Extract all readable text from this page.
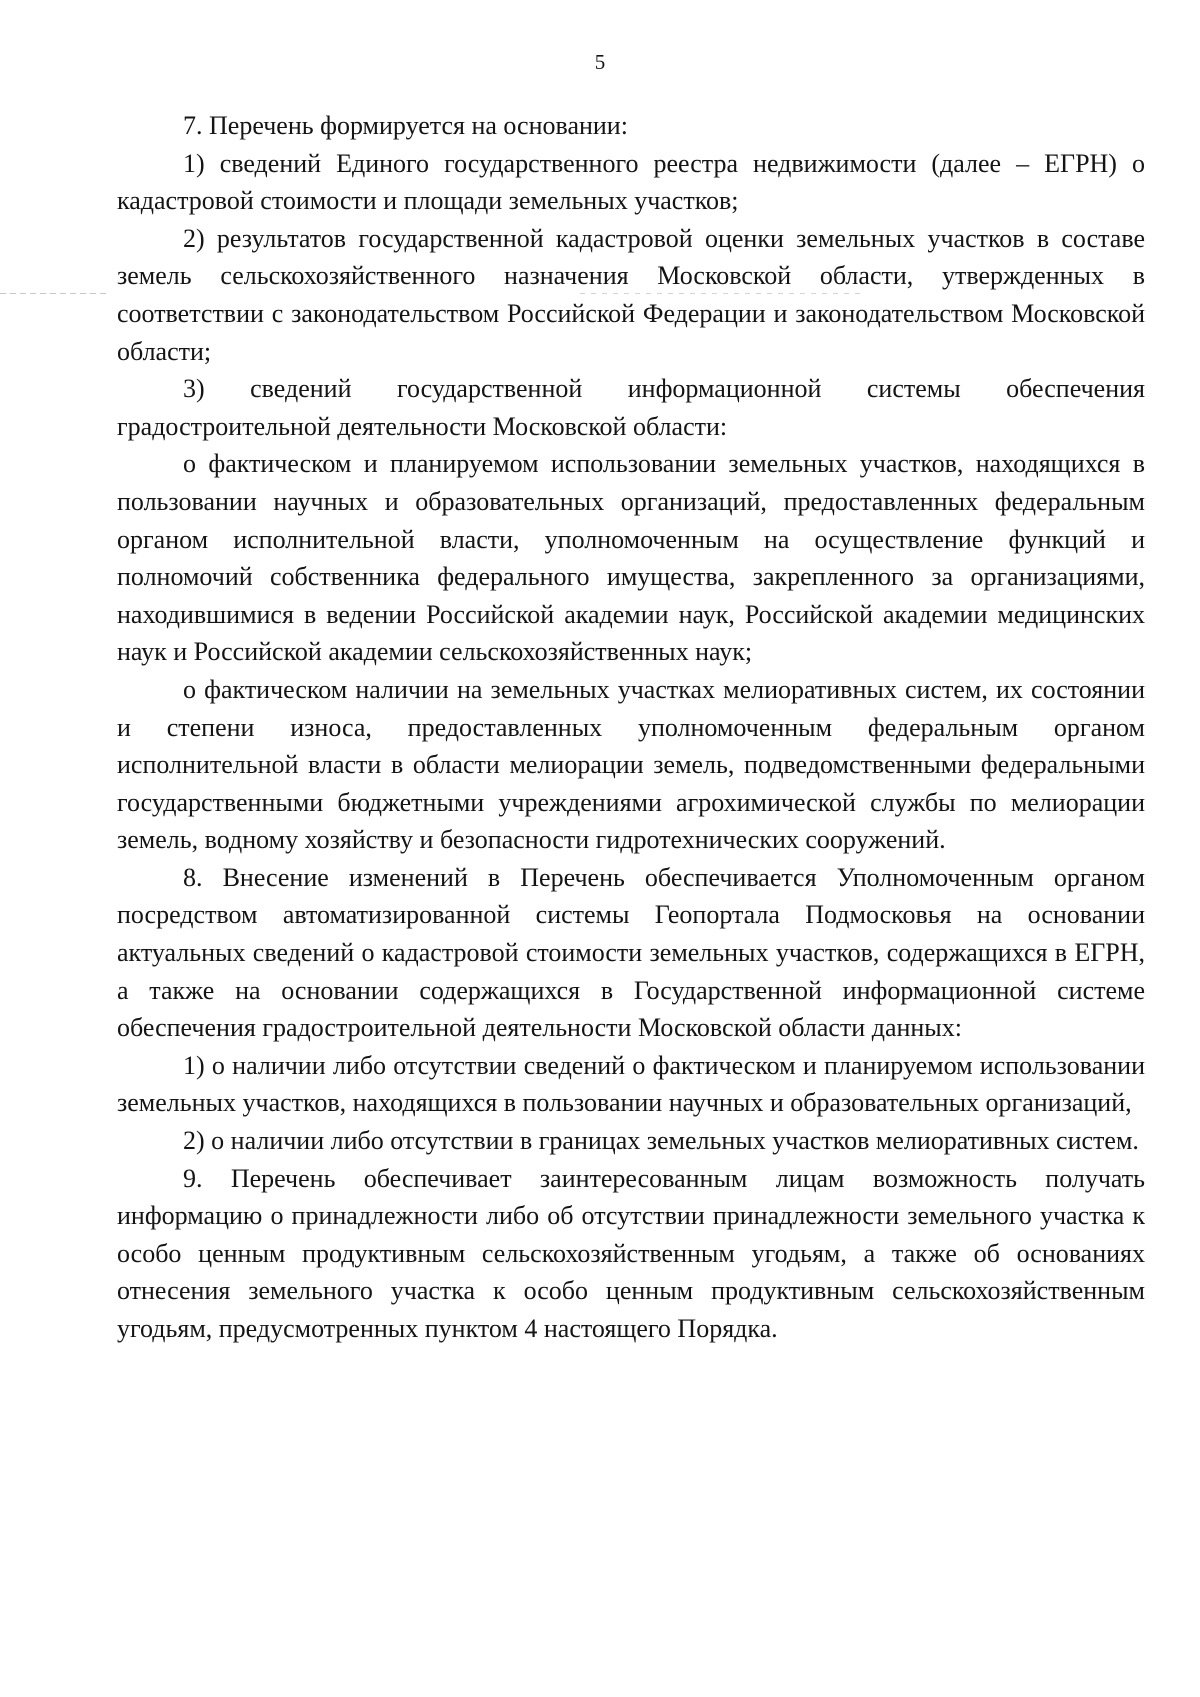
5

7. Перечень формируется на основании:

1) сведений Единого государственного реестра недвижимости (далее – ЕГРН) о кадастровой стоимости и площади земельных участков;

2) результатов государственной кадастровой оценки земельных участков в составе земель сельскохозяйственного назначения Московской области, утвержденных в соответствии с законодательством Российской Федерации и законодательством Московской области;

3) сведений государственной информационной системы обеспечения градостроительной деятельности Московской области:

о фактическом и планируемом использовании земельных участков, находящихся в пользовании научных и образовательных организаций, предоставленных федеральным органом исполнительной власти, уполномоченным на осуществление функций и полномочий собственника федерального имущества, закрепленного за организациями, находившимися в ведении Российской академии наук, Российской академии медицинских наук и Российской академии сельскохозяйственных наук;

о фактическом наличии на земельных участках мелиоративных систем, их состоянии и степени износа, предоставленных уполномоченным федеральным органом исполнительной власти в области мелиорации земель, подведомственными федеральными государственными бюджетными учреждениями агрохимической службы по мелиорации земель, водному хозяйству и безопасности гидротехнических сооружений.

8. Внесение изменений в Перечень обеспечивается Уполномоченным органом посредством автоматизированной системы Геопортала Подмосковья на основании актуальных сведений о кадастровой стоимости земельных участков, содержащихся в ЕГРН, а также на основании содержащихся в Государственной информационной системе обеспечения градостроительной деятельности Московской области данных:

1) о наличии либо отсутствии сведений о фактическом и планируемом использовании земельных участков, находящихся в пользовании научных и образовательных организаций,

2) о наличии либо отсутствии в границах земельных участков мелиоративных систем.

9. Перечень обеспечивает заинтересованным лицам возможность получать информацию о принадлежности либо об отсутствии принадлежности земельного участка к особо ценным продуктивным сельскохозяйственным угодьям, а также об основаниях отнесения земельного участка к особо ценным продуктивным сельскохозяйственным угодьям, предусмотренных пунктом 4 настоящего Порядка.
